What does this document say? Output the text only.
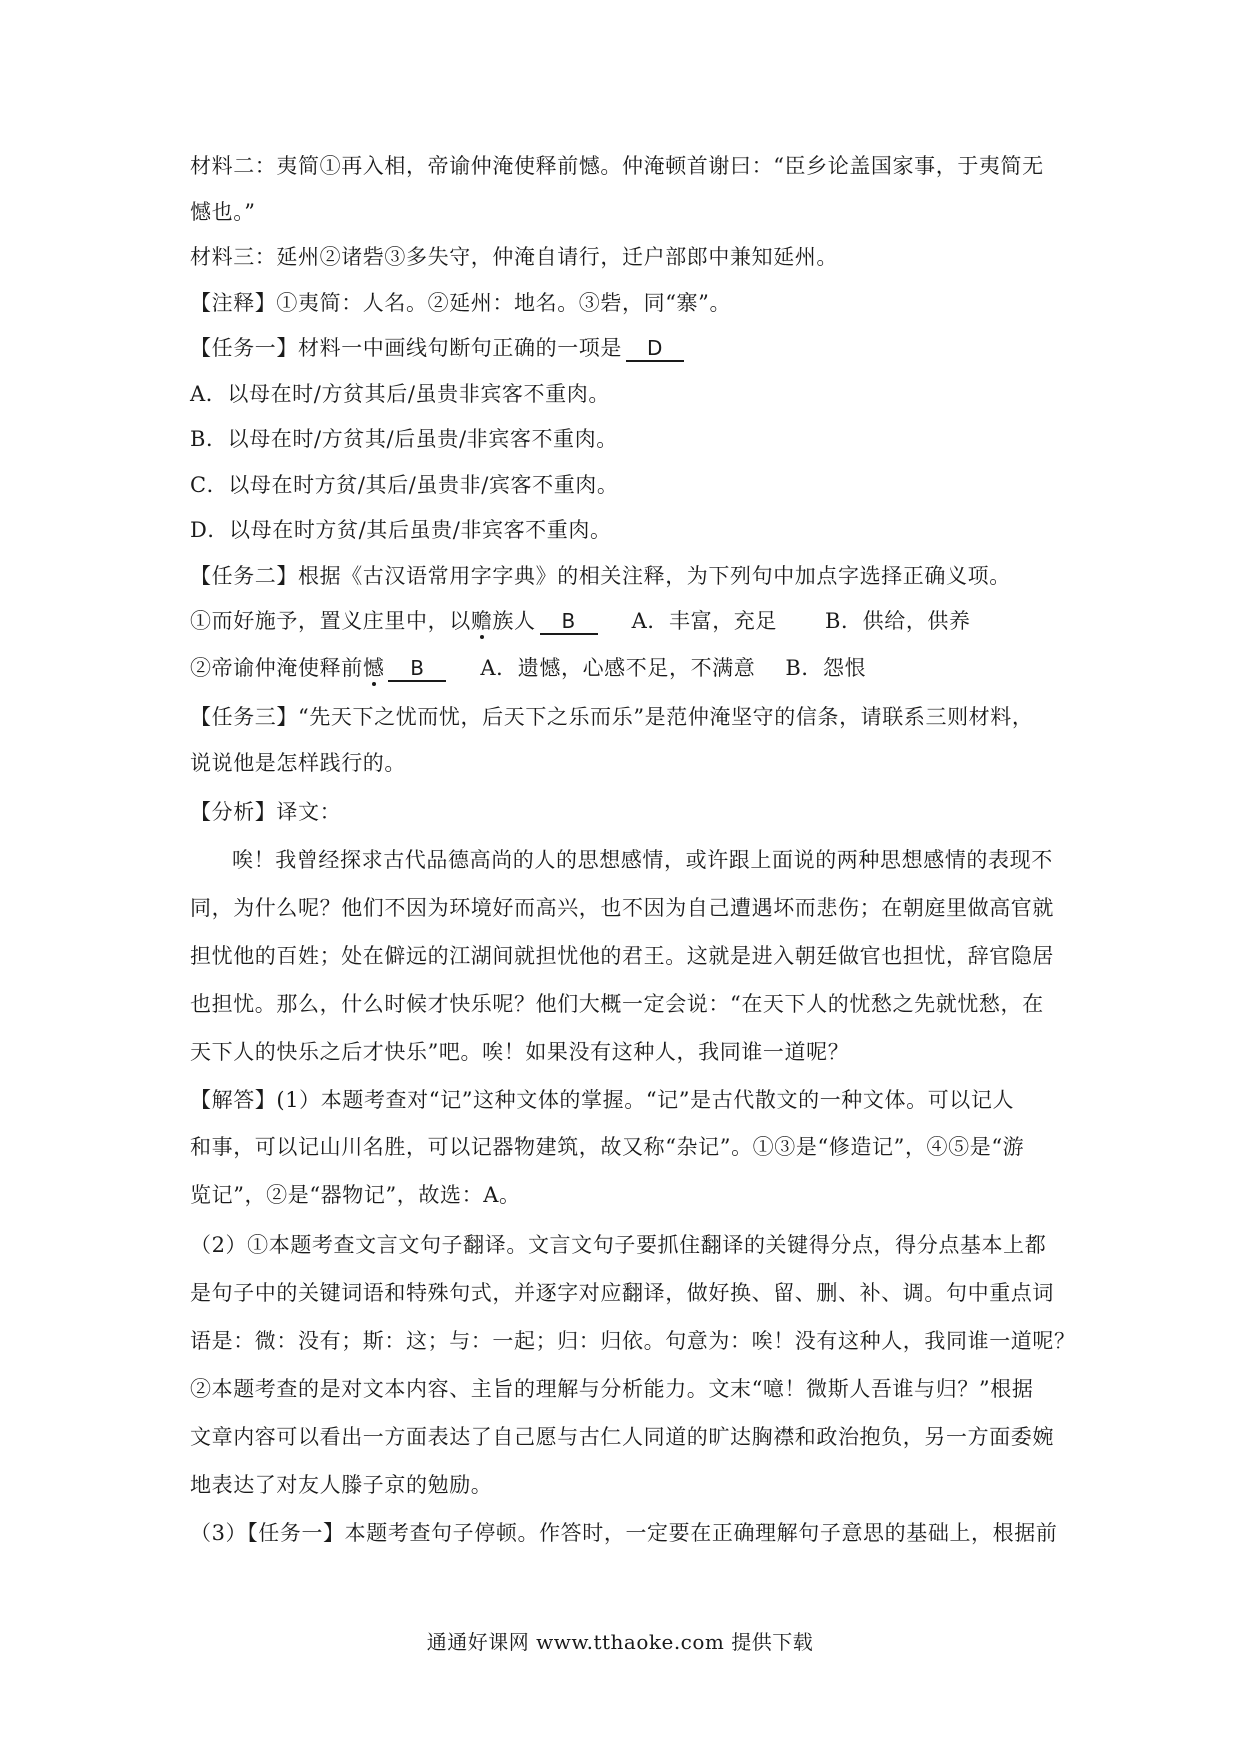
材料二：夷简①再入相，帝谕仲淹使释前憾。仲淹顿首谢曰：“臣乡论盖国家事，于夷简无
憾也。”
材料三：延州②诸砦③多失守，仲淹自请行，迁户部郎中兼知延州。
【注释】①夷简：人名。②延州：地名。③砦，同“寨”。
【任务一】材料一中画线句断句正确的一项是 D
A．以母在时/方贫其后/虽贵非宾客不重肉。
B．以母在时/方贫其/后虽贵/非宾客不重肉。
C．以母在时方贫/其后/虽贵非/宾客不重肉。
D．以母在时方贫/其后虽贵/非宾客不重肉。
【任务二】根据《古汉语常用字字典》的相关注释，为下列句中加点字选择正确义项。
①而好施予，置义庄里中，以赡族人 B	A．丰富，充足 B．供给，供养
②帝谕仲淹使释前憾 B	A．遗憾，心感不足，不满意 B．怨恨
【任务三】“先天下之忧而忧，后天下之乐而乐”是范仲淹坚守的信条，请联系三则材料，
说说他是怎样践行的。
【分析】译文：
唉！我曾经探求古代品德高尚的人的思想感情，或许跟上面说的两种思想感情的表现不
同，为什么呢？他们不因为环境好而高兴，也不因为自己遭遇坏而悲伤；在朝庭里做高官就
担忧他的百姓；处在僻远的江湖间就担忧他的君王。这就是进入朝廷做官也担忧，辞官隐居
也担忧。那么，什么时候才快乐呢？他们大概一定会说：“在天下人的忧愁之先就忧愁，在
天下人的快乐之后才快乐”吧。唉！如果没有这种人，我同谁一道呢？
【解答】(1）本题考查对“记”这种文体的掌握。“记”是古代散文的一种文体。可以记人
和事，可以记山川名胜，可以记器物建筑，故又称“杂记”。①③是“修造记”，④⑤是“游
览记”，②是“器物记”，故选：A。
（2）①本题考查文言文句子翻译。文言文句子要抓住翻译的关键得分点，得分点基本上都
是句子中的关键词语和特殊句式，并逐字对应翻译，做好换、留、删、补、调。句中重点词
语是：微：没有；斯：这；与：一起；归：归依。句意为：唉！没有这种人，我同谁一道呢？
②本题考查的是对文本内容、主旨的理解与分析能力。文末“噫！微斯人吾谁与归？”根据
文章内容可以看出一方面表达了自己愿与古仁人同道的旷达胸襟和政治抱负，另一方面委婉
地表达了对友人滕子京的勉励。
（3）【任务一】本题考查句子停顿。作答时，一定要在正确理解句子意思的基础上，根据前
通通好课网 www.tthaoke.com 提供下载
